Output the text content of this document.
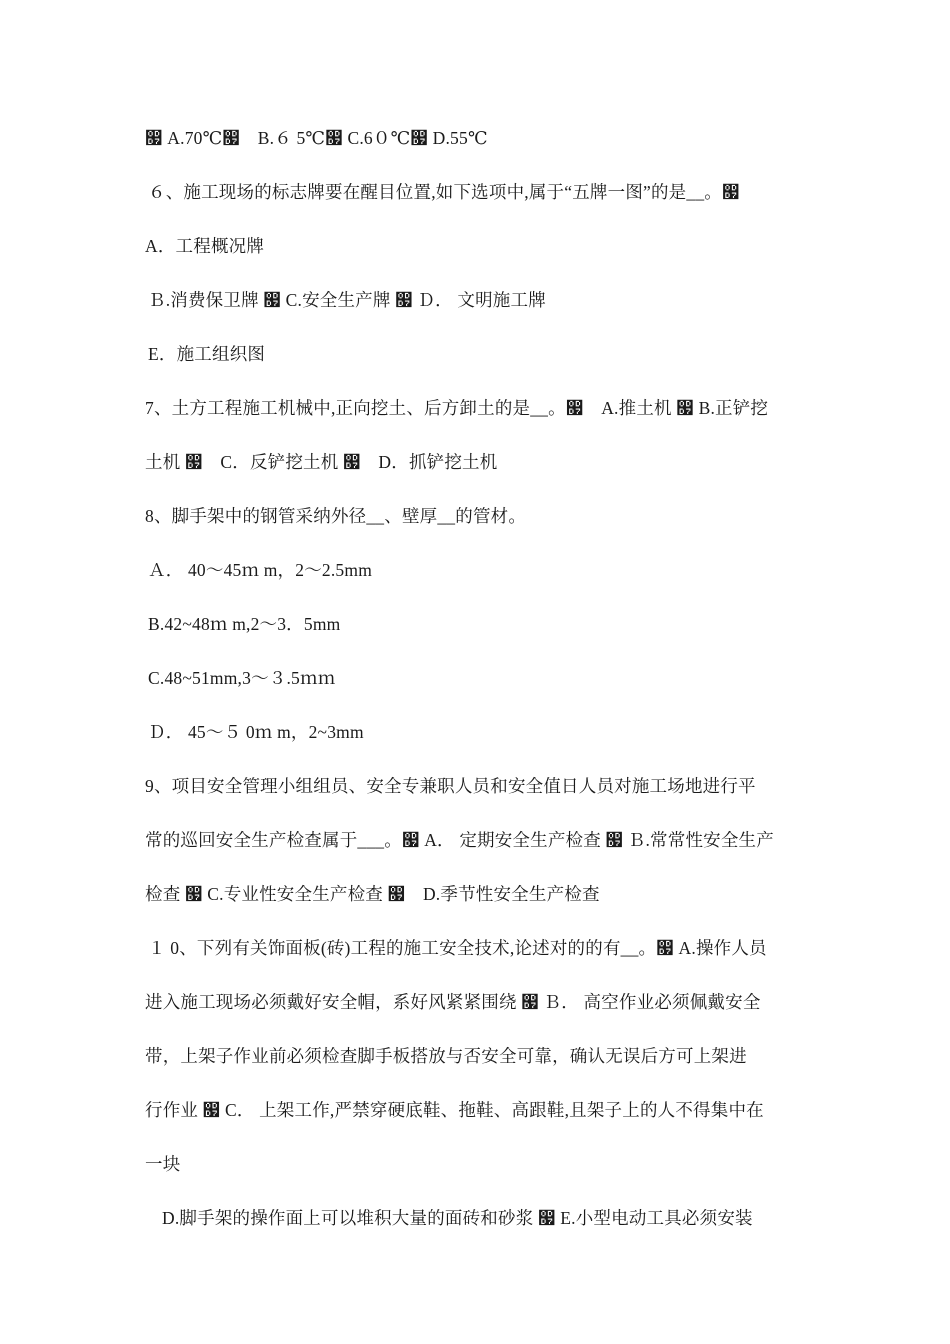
෗ A.70℃෗　B.６ 5℃෗ C.6０℃෗ D.55℃
６、施工现场的标志牌要在醒目位置,如下选项中,属于“五牌一图”的是__。෗
A．工程概况牌
Ｂ.消费保卫牌 ෗ C.安全生产牌 ෗ Ｄ． 文明施工牌
E．施工组织图
7、土方工程施工机械中,正向挖土、后方卸土的是__。෗　A.推土机 ෗ B.正铲挖
土机 ෗　C．反铲挖土机 ෗　D．抓铲挖土机
8、脚手架中的钢管采纳外径__、壁厚__的管材。
Ａ． 40～45ｍ m，2～2.5mm
B.42~48ｍ m,2～3．5mm
C.48~51mm,3～３.5ｍｍ
Ｄ． 45～５ 0ｍ m，2~3mm
9、项目安全管理小组组员、安全专兼职人员和安全值日人员对施工场地进行平
常的巡回安全生产检查属于___。෗ A． 定期安全生产检查 ෗ Ｂ.常常性安全生产
检查 ෗ C.专业性安全生产检查 ෗　D.季节性安全生产检查
１ 0、下列有关饰面板(砖)工程的施工安全技术,论述对的的有__。෗ A.操作人员
进入施工现场必须戴好安全帽，系好风紧紧围绕 ෗ Ｂ． 高空作业必须佩戴安全
带，上架子作业前必须检查脚手板搭放与否安全可靠，确认无误后方可上架进
行作业 ෗ C． 上架工作,严禁穿硬底鞋、拖鞋、高跟鞋,且架子上的人不得集中在
一块
D.脚手架的操作面上可以堆积大量的面砖和砂浆 ෗ E.小型电动工具必须安装
